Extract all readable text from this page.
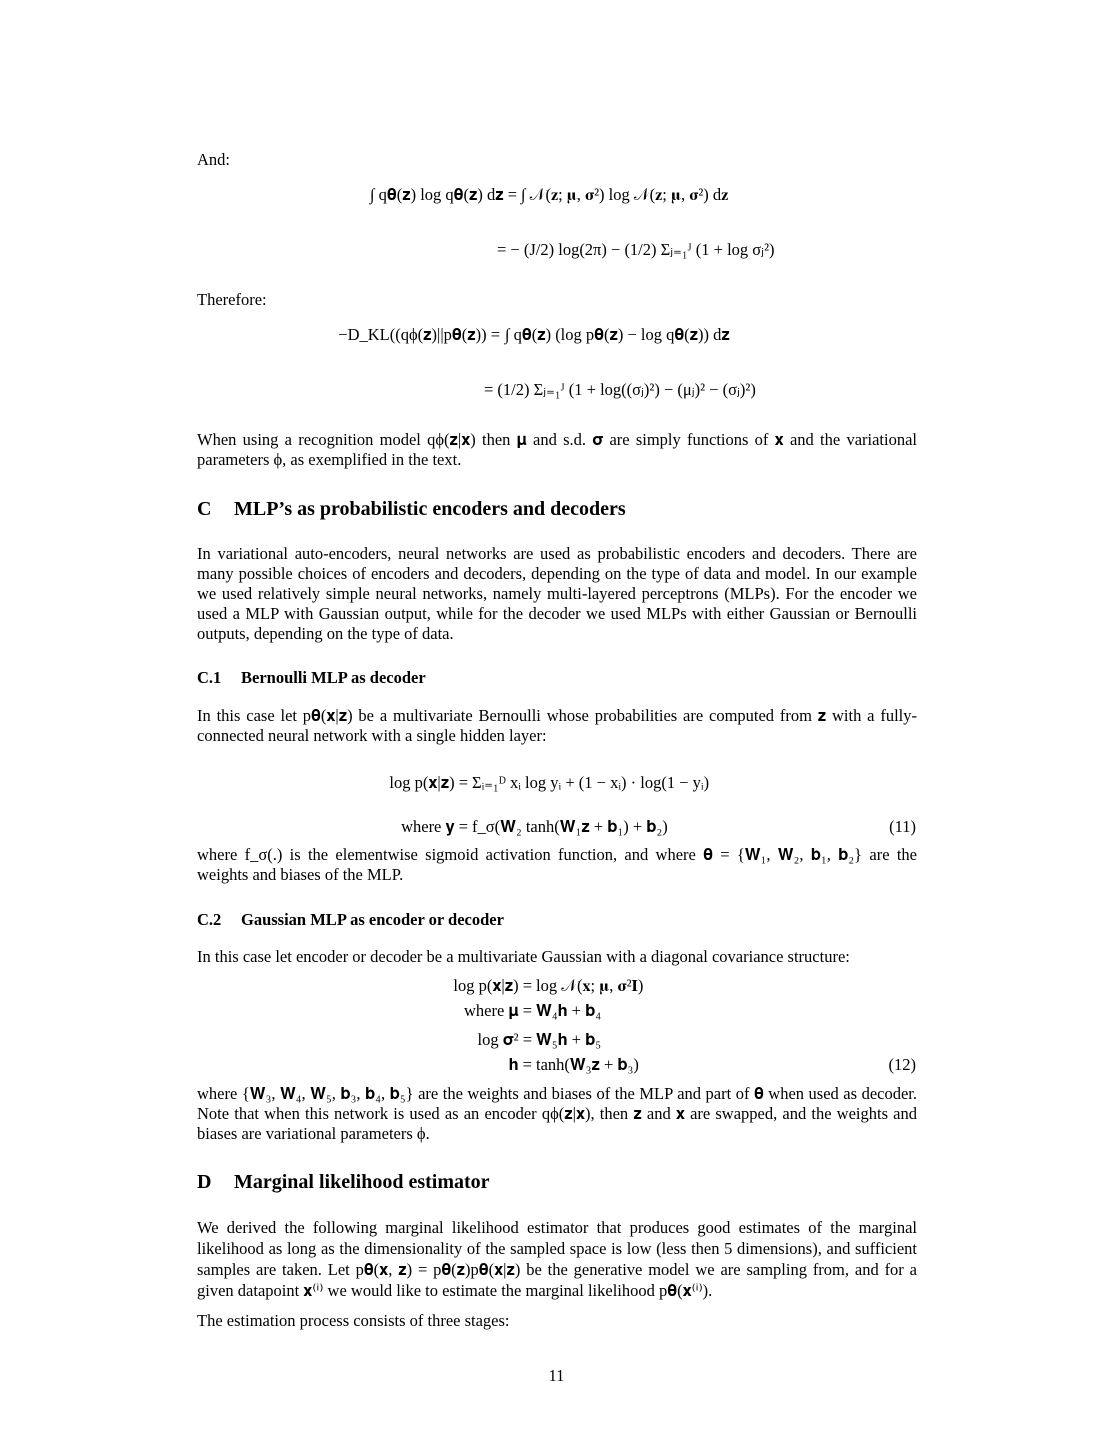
And:
∫ q𝛉(𝐳) log q𝛉(𝐳) d𝐳 = ∫ 𝒩(𝐳; 𝛍, 𝛔²) log 𝒩(𝐳; 𝛍, 𝛔²) d𝐳
= − (J/2) log(2π) − (1/2) Σⱼ₌₁ᴶ (1 + log σⱼ²)
Therefore:
−D_KL((qϕ(𝐳)||p𝛉(𝐳)) = ∫ q𝛉(𝐳) (log p𝛉(𝐳) − log q𝛉(𝐳)) d𝐳
= (1/2) Σⱼ₌₁ᴶ (1 + log((σⱼ)²) − (μⱼ)² − (σⱼ)²)
When using a recognition model qϕ(𝐳|𝐱) then 𝛍 and s.d. 𝛔 are simply functions of 𝐱 and the variational parameters ϕ, as exemplified in the text.
C MLP’s as probabilistic encoders and decoders
In variational auto-encoders, neural networks are used as probabilistic encoders and decoders. There are many possible choices of encoders and decoders, depending on the type of data and model. In our example we used relatively simple neural networks, namely multi-layered perceptrons (MLPs). For the encoder we used a MLP with Gaussian output, while for the decoder we used MLPs with either Gaussian or Bernoulli outputs, depending on the type of data.
C.1 Bernoulli MLP as decoder
In this case let p𝛉(𝐱|𝐳) be a multivariate Bernoulli whose probabilities are computed from 𝐳 with a fully-connected neural network with a single hidden layer:
log p(𝐱|𝐳) = Σᵢ₌₁ᴰ xᵢ log yᵢ + (1 − xᵢ) · log(1 − yᵢ)
where 𝐲 = f_σ(𝐖₂ tanh(𝐖₁𝐳 + 𝐛₁) + 𝐛₂)	(11)
where f_σ(.) is the elementwise sigmoid activation function, and where 𝛉 = {𝐖₁, 𝐖₂, 𝐛₁, 𝐛₂} are the weights and biases of the MLP.
C.2 Gaussian MLP as encoder or decoder
In this case let encoder or decoder be a multivariate Gaussian with a diagonal covariance structure:
log p(𝐱|𝐳) = log 𝒩(𝐱; 𝛍, 𝛔²𝐈)
where 𝛍 = 𝐖₄𝐡 + 𝐛₄
log 𝛔² = 𝐖₅𝐡 + 𝐛₅
𝐡 = tanh(𝐖₃𝐳 + 𝐛₃)	(12)
where {𝐖₃, 𝐖₄, 𝐖₅, 𝐛₃, 𝐛₄, 𝐛₅} are the weights and biases of the MLP and part of 𝛉 when used as decoder. Note that when this network is used as an encoder qϕ(𝐳|𝐱), then 𝐳 and 𝐱 are swapped, and the weights and biases are variational parameters ϕ.
D Marginal likelihood estimator
We derived the following marginal likelihood estimator that produces good estimates of the marginal likelihood as long as the dimensionality of the sampled space is low (less then 5 dimensions), and sufficient samples are taken. Let p𝛉(𝐱, 𝐳) = p𝛉(𝐳)p𝛉(𝐱|𝐳) be the generative model we are sampling from, and for a given datapoint 𝐱⁽ⁱ⁾ we would like to estimate the marginal likelihood p𝛉(𝐱⁽ⁱ⁾).
The estimation process consists of three stages:
11
